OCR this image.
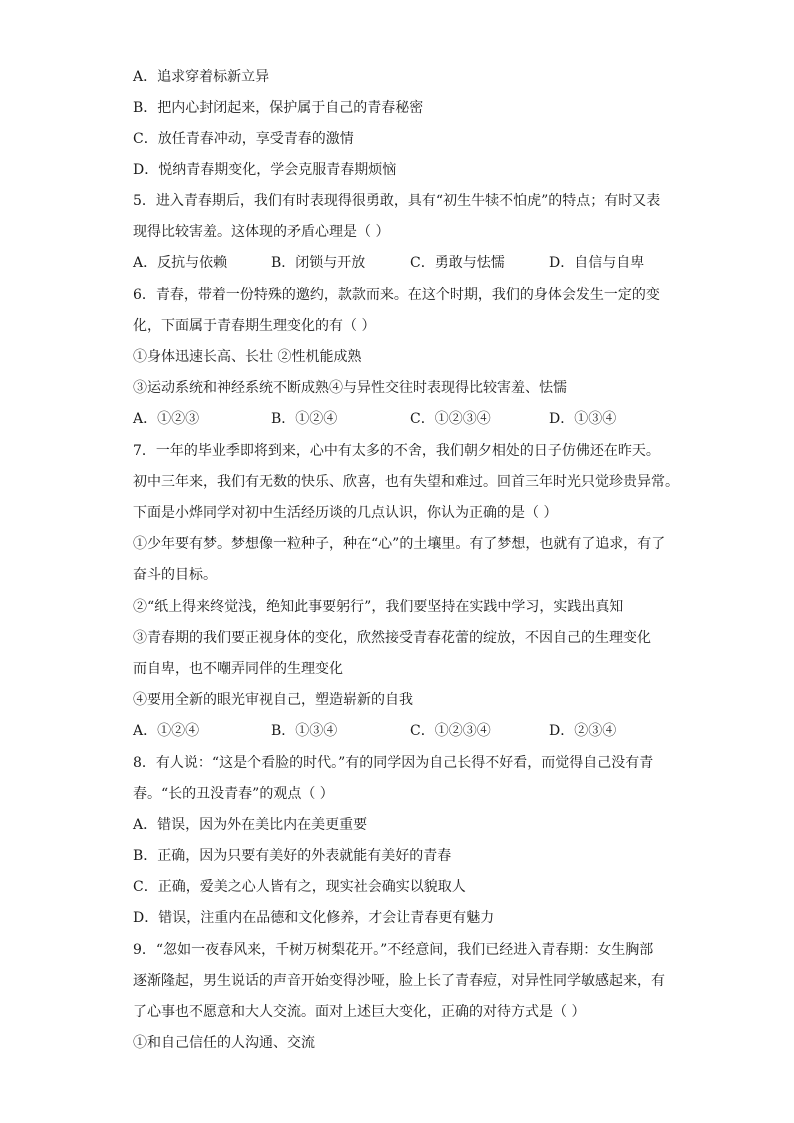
A．追求穿着标新立异
B．把内心封闭起来，保护属于自己的青春秘密
C．放任青春冲动，享受青春的激情
D．悦纳青春期变化，学会克服青春期烦恼
5．进入青春期后，我们有时表现得很勇敢，具有“初生牛犊不怕虎”的特点；有时又表
现得比较害羞。这体现的矛盾心理是（ ）
A．反抗与依赖	B．闭锁与开放	C．勇敢与怯懦	D．自信与自卑
6．青春，带着一份特殊的邀约，款款而来。在这个时期，我们的身体会发生一定的变
化，下面属于青春期生理变化的有（ ）
①身体迅速长高、长壮 ②性机能成熟
③运动系统和神经系统不断成熟④与异性交往时表现得比较害羞、怯懦
A．①②③	B．①②④	C．①②③④	D．①③④
7．一年的毕业季即将到来，心中有太多的不舍，我们朝夕相处的日子仿佛还在昨天。
初中三年来，我们有无数的快乐、欣喜，也有失望和难过。回首三年时光只觉珍贵异常。
下面是小烨同学对初中生活经历谈的几点认识，你认为正确的是（ ）
①少年要有梦。梦想像一粒种子，种在“心”的土壤里。有了梦想，也就有了追求，有了
奋斗的目标。
②“纸上得来终觉浅，绝知此事要躬行”，我们要坚持在实践中学习，实践出真知
③青春期的我们要正视身体的变化，欣然接受青春花蕾的绽放，不因自己的生理变化
而自卑，也不嘲弄同伴的生理变化
④要用全新的眼光审视自己，塑造崭新的自我
A．①②④	B．①③④	C．①②③④	D．②③④
8．有人说：“这是个看脸的时代。”有的同学因为自己长得不好看，而觉得自己没有青
春。“长的丑没青春”的观点（ ）
A．错误，因为外在美比内在美更重要
B．正确，因为只要有美好的外表就能有美好的青春
C．正确，爱美之心人皆有之，现实社会确实以貌取人
D．错误，注重内在品德和文化修养，才会让青春更有魅力
9．“忽如一夜春风来，千树万树梨花开。”不经意间，我们已经进入青春期：女生胸部
逐渐隆起，男生说话的声音开始变得沙哑，脸上长了青春痘，对异性同学敏感起来，有
了心事也不愿意和大人交流。面对上述巨大变化，正确的对待方式是（ ）
①和自己信任的人沟通、交流
